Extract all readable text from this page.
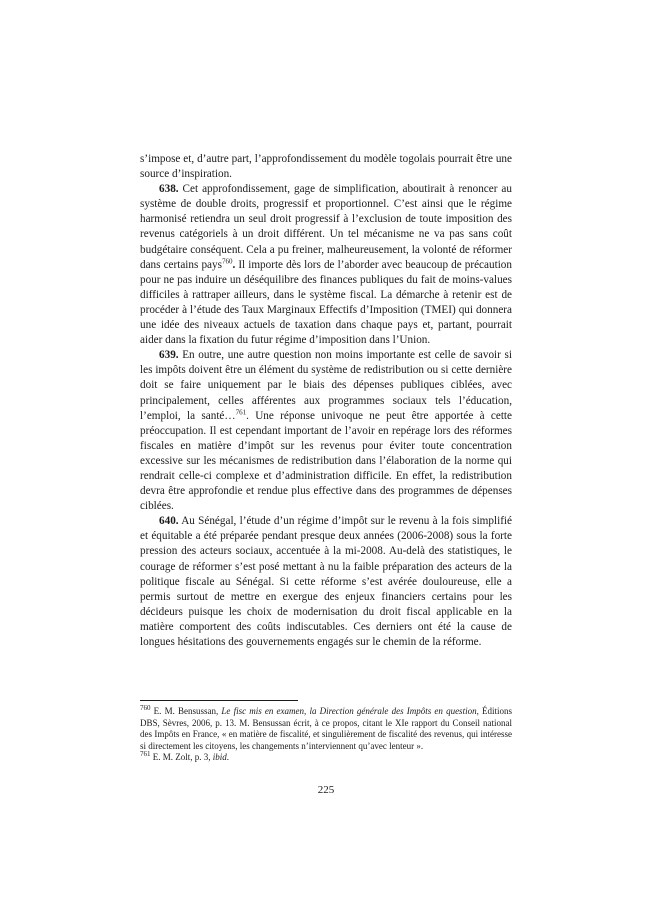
s’impose et, d’autre part, l’approfondissement du modèle togolais pourrait être une source d’inspiration.

638. Cet approfondissement, gage de simplification, aboutirait à renoncer au système de double droits, progressif et proportionnel. C’est ainsi que le régime harmonisé retiendra un seul droit progressif à l’exclusion de toute imposition des revenus catégoriels à un droit différent. Un tel mécanisme ne va pas sans coût budgétaire conséquent. Cela a pu freiner, malheureusement, la volonté de réformer dans certains pays$^{760}$. Il importe dès lors de l’aborder avec beaucoup de précaution pour ne pas induire un déséquilibre des finances publiques du fait de moins-values difficiles à rattraper ailleurs, dans le système fiscal. La démarche à retenir est de procéder à l’étude des Taux Marginaux Effectifs d’Imposition (TMEI) qui donnera une idée des niveaux actuels de taxation dans chaque pays et, partant, pourrait aider dans la fixation du futur régime d’imposition dans l’Union.

639. En outre, une autre question non moins importante est celle de savoir si les impôts doivent être un élément du système de redistribution ou si cette dernière doit se faire uniquement par le biais des dépenses publiques ciblées, avec principalement, celles afférentes aux programmes sociaux tels l’éducation, l’emploi, la santé…$^{761}$. Une réponse univoque ne peut être apportée à cette préoccupation. Il est cependant important de l’avoir en repérage lors des réformes fiscales en matière d’impôt sur les revenus pour éviter toute concentration excessive sur les mécanismes de redistribution dans l’élaboration de la norme qui rendrait celle-ci complexe et d’administration difficile. En effet, la redistribution devra être approfondie et rendue plus effective dans des programmes de dépenses ciblées.

640. Au Sénégal, l’étude d’un régime d’impôt sur le revenu à la fois simplifié et équitable a été préparée pendant presque deux années (2006-2008) sous la forte pression des acteurs sociaux, accentuée à la mi-2008. Au-delà des statistiques, le courage de réformer s’est posé mettant à nu la faible préparation des acteurs de la politique fiscale au Sénégal. Si cette réforme s’est avérée douloureuse, elle a permis surtout de mettre en exergue des enjeux financiers certains pour les décideurs puisque les choix de modernisation du droit fiscal applicable en la matière comportent des coûts indiscutables. Ces derniers ont été la cause de longues hésitations des gouvernements engagés sur le chemin de la réforme.

$^{760}$ E. M. Bensussan, Le fisc mis en examen, la Direction générale des Impôts en question, Éditions DBS, Sèvres, 2006, p. 13. M. Bensussan écrit, à ce propos, citant le XIe rapport du Conseil national des Impôts en France, « en matière de fiscalité, et singulièrement de fiscalité des revenus, qui intéresse si directement les citoyens, les changements n’interviennent qu’avec lenteur ».

$^{761}$ E. M. Zolt, p. 3, ibid.

225
